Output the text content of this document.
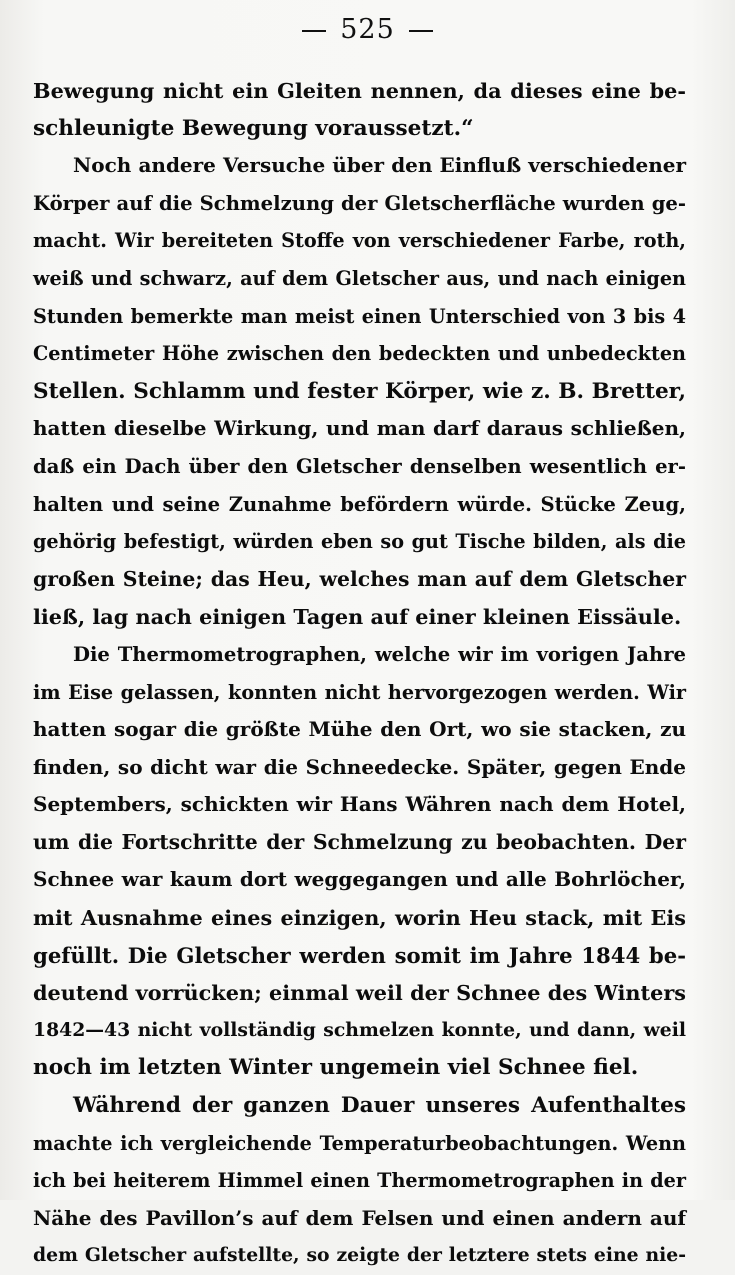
525
Bewegung nicht ein Gleiten nennen, da dieses eine be-
schleunigte Bewegung voraussetzt.“
Noch andere Versuche über den Einfluß verschiedener
Körper auf die Schmelzung der Gletscherfläche wurden ge-
macht. Wir bereiteten Stoffe von verschiedener Farbe, roth,
weiß und schwarz, auf dem Gletscher aus, und nach einigen
Stunden bemerkte man meist einen Unterschied von 3 bis 4
Centimeter Höhe zwischen den bedeckten und unbedeckten
Stellen. Schlamm und fester Körper, wie z. B. Bretter,
hatten dieselbe Wirkung, und man darf daraus schließen,
daß ein Dach über den Gletscher denselben wesentlich er-
halten und seine Zunahme befördern würde. Stücke Zeug,
gehörig befestigt, würden eben so gut Tische bilden, als die
großen Steine; das Heu, welches man auf dem Gletscher
ließ, lag nach einigen Tagen auf einer kleinen Eissäule.
Die Thermometrographen, welche wir im vorigen Jahre
im Eise gelassen, konnten nicht hervorgezogen werden. Wir
hatten sogar die größte Mühe den Ort, wo sie stacken, zu
finden, so dicht war die Schneedecke. Später, gegen Ende
Septembers, schickten wir Hans Währen nach dem Hotel,
um die Fortschritte der Schmelzung zu beobachten. Der
Schnee war kaum dort weggegangen und alle Bohrlöcher,
mit Ausnahme eines einzigen, worin Heu stack, mit Eis
gefüllt. Die Gletscher werden somit im Jahre 1844 be-
deutend vorrücken; einmal weil der Schnee des Winters
1842—43 nicht vollständig schmelzen konnte, und dann, weil
noch im letzten Winter ungemein viel Schnee fiel.
Während der ganzen Dauer unseres Aufenthaltes
machte ich vergleichende Temperaturbeobachtungen. Wenn
ich bei heiterem Himmel einen Thermometrographen in der
Nähe des Pavillon’s auf dem Felsen und einen andern auf
dem Gletscher aufstellte, so zeigte der letztere stets eine nie-
